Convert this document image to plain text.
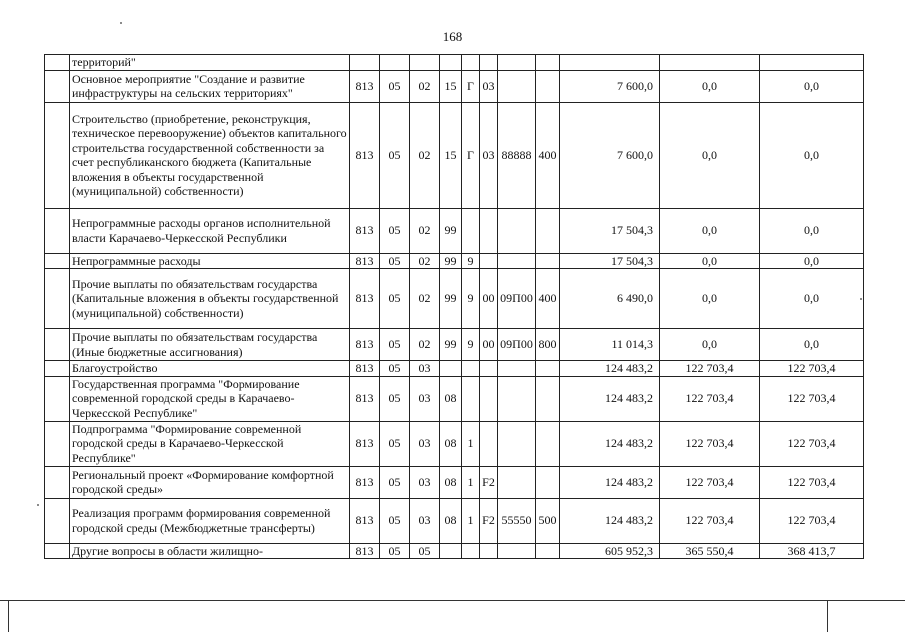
168
	территорий"											
	Основное мероприятие "Создание и развитие инфраструктуры на сельских территориях"	813	05	02	15	Г	03			7 600,0	0,0	0,0
	Строительство (приобретение, реконструкция, техническое перевооружение) объектов капитального строительства государственной собственности за счет республиканского бюджета (Капитальные вложения в объекты государственной (муниципальной) собственности)	813	05	02	15	Г	03	88888	400	7 600,0	0,0	0,0
	Непрограммные расходы органов исполнительной власти Карачаево-Черкесской Республики	813	05	02	99					17 504,3	0,0	0,0
	Непрограммные расходы	813	05	02	99	9				17 504,3	0,0	0,0
	Прочие выплаты по обязательствам государства (Капитальные вложения в объекты государственной (муниципальной) собственности)	813	05	02	99	9	00	09П00	400	6 490,0	0,0	0,0
	Прочие выплаты по обязательствам государства (Иные бюджетные ассигнования)	813	05	02	99	9	00	09П00	800	11 014,3	0,0	0,0
	Благоустройство	813	05	03						124 483,2	122 703,4	122 703,4
	Государственная программа "Формирование современной городской среды в Карачаево-Черкесской Республике"	813	05	03	08					124 483,2	122 703,4	122 703,4
	Подпрограмма "Формирование современной городской среды в Карачаево-Черкесской Республике"	813	05	03	08	1				124 483,2	122 703,4	122 703,4
	Региональный проект «Формирование комфортной городской среды»	813	05	03	08	1	F2			124 483,2	122 703,4	122 703,4
	Реализация программ формирования современной городской среды (Межбюджетные трансферты)	813	05	03	08	1	F2	55550	500	124 483,2	122 703,4	122 703,4
	Другие вопросы в области жилищно-	813	05	05						605 952,3	365 550,4	368 413,7
